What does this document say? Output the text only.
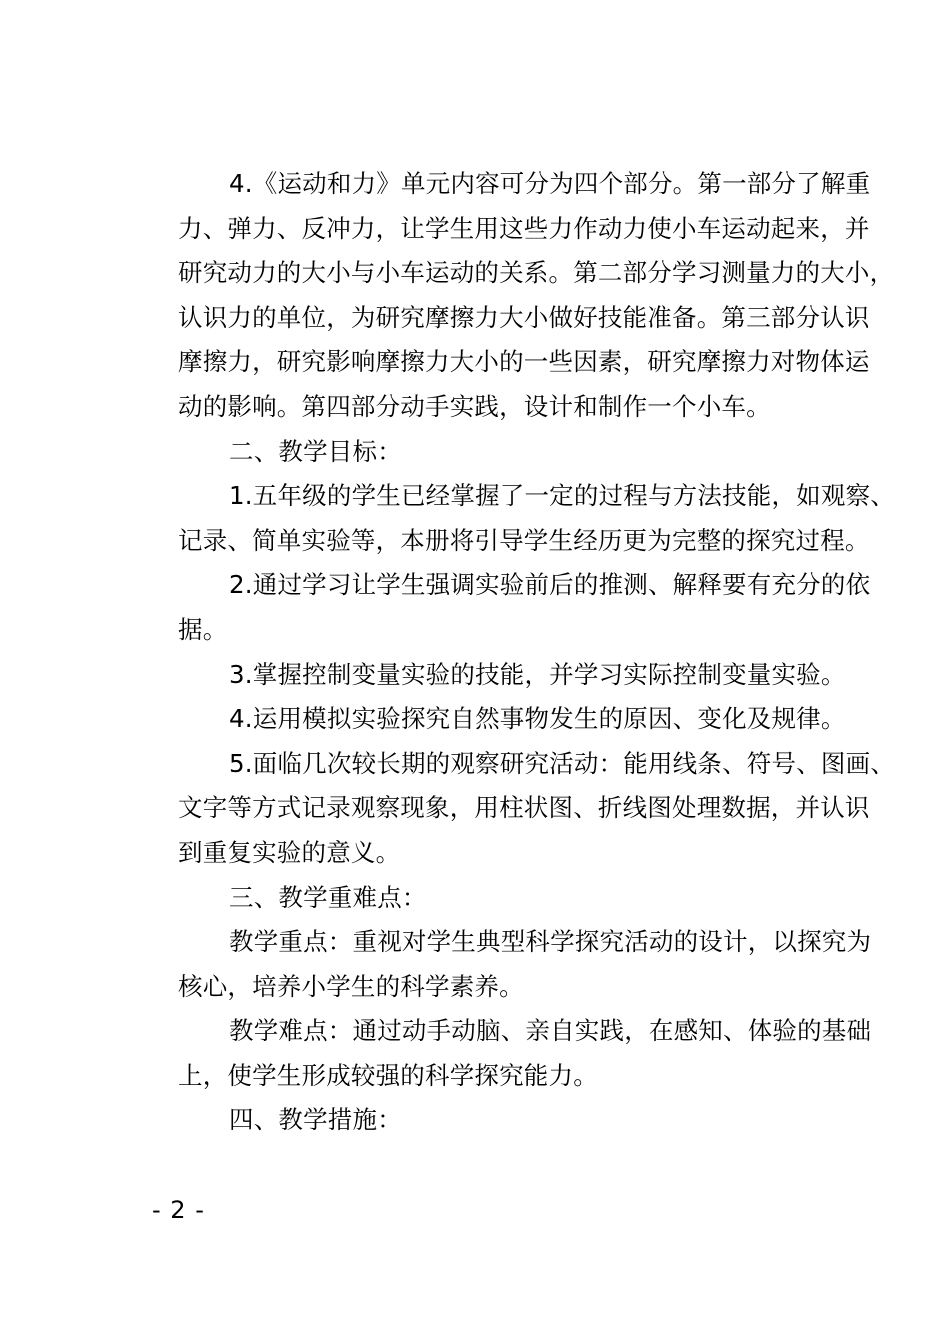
4.《运动和力》单元内容可分为四个部分。第一部分了解重
力、弹力、反冲力，让学生用这些力作动力使小车运动起来，并
研究动力的大小与小车运动的关系。第二部分学习测量力的大小，
认识力的单位，为研究摩擦力大小做好技能准备。第三部分认识
摩擦力，研究影响摩擦力大小的一些因素，研究摩擦力对物体运
动的影响。第四部分动手实践，设计和制作一个小车。
二、教学目标：
1.五年级的学生已经掌握了一定的过程与方法技能，如观察、
记录、简单实验等，本册将引导学生经历更为完整的探究过程。
2.通过学习让学生强调实验前后的推测、解释要有充分的依
据。
3.掌握控制变量实验的技能，并学习实际控制变量实验。
4.运用模拟实验探究自然事物发生的原因、变化及规律。
5.面临几次较长期的观察研究活动：能用线条、符号、图画、
文字等方式记录观察现象，用柱状图、折线图处理数据，并认识
到重复实验的意义。
三、教学重难点：
教学重点：重视对学生典型科学探究活动的设计，以探究为
核心，培养小学生的科学素养。
教学难点：通过动手动脑、亲自实践，在感知、体验的基础
上，使学生形成较强的科学探究能力。
四、教学措施：
- 2 -
